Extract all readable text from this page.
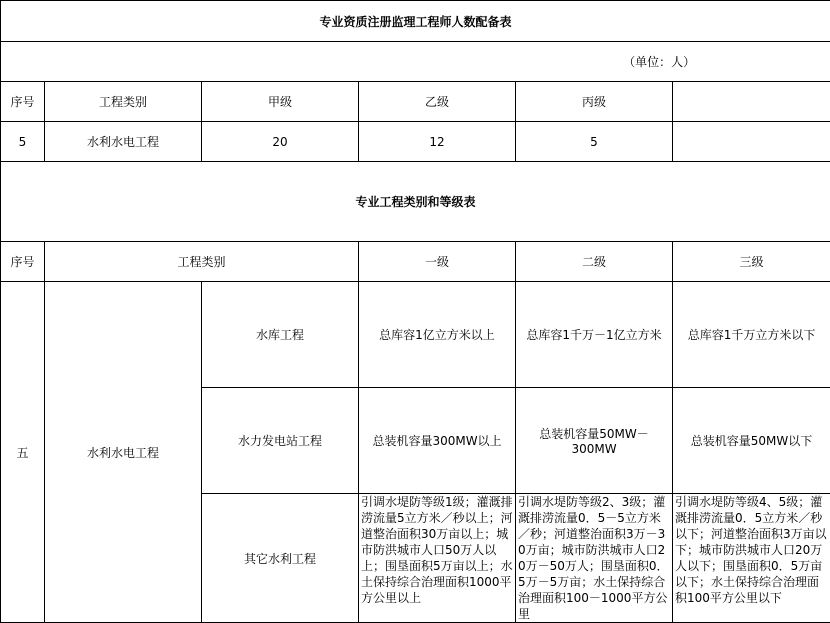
专业资质注册监理工程师人数配备表					
（单位：人）					
序号	工程类别	甲级	乙级	丙级	
5	水利水电工程	20	12	5	
专业工程类别和等级表					
序号	工程类别		一级	二级	三级
五	水利水电工程	水库工程	总库容1亿立方米以上	总库容1千万－1亿立方米	总库容1千万立方米以下
		水力发电站工程	总装机容量300MW以上	总装机容量50MW－300MW	总装机容量50MW以下
		其它水利工程	引调水堤防等级1级；灌溉排涝流量5立方米／秒以上；河道整治面积30万亩以上；城市防洪城市人口50万人以上；围垦面积5万亩以上；水土保持综合治理面积1000平方公里以上	引调水堤防等级2、3级；灌溉排涝流量0．5－5立方米／秒；河道整治面积3万－30万亩；城市防洪城市人口20万－50万人；围垦面积0．5万－5万亩；水土保持综合治理面积100－1000平方公里	引调水堤防等级4、5级；灌溉排涝流量0．5立方米／秒以下；河道整治面积3万亩以下；城市防洪城市人口20万人以下；围垦面积0．5万亩以下；水土保持综合治理面积100平方公里以下
